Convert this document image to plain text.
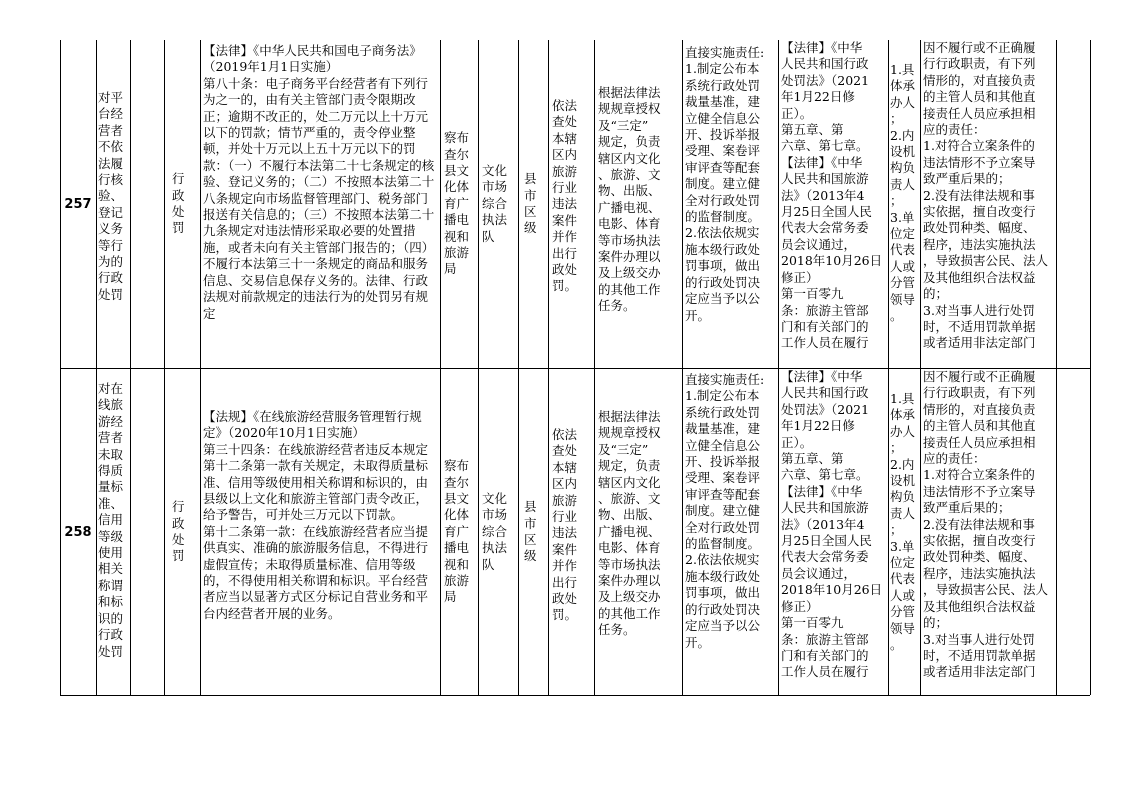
257
对平
台经
营者
不依
法履
行核
验、
登记
义务
等行
为的
行政
处罚
行
政
处
罚
【法律】《中华人民共和国电子商务法》（2019年1月1日实施）
第八十条：电子商务平台经营者有下列行为之一的，由有关主管部门责令限期改正；逾期不改正的，处二万元以上十万元以下的罚款；情节严重的，责令停业整顿，并处十万元以上五十万元以下的罚款：（一）不履行本法第二十七条规定的核验、登记义务的；（二）不按照本法第二十八条规定向市场监督管理部门、税务部门报送有关信息的；（三）不按照本法第二十九条规定对违法情形采取必要的处置措施，或者未向有关主管部门报告的；（四）不履行本法第三十一条规定的商品和服务信息、交易信息保存义务的。法律、行政法规对前款规定的违法行为的处罚另有规定
察布
查尔
县文
化体
育广
播电
视和
旅游
局
文化
市场
综合
执法
队
县
市
区
级
依法
查处
本辖
区内
旅游
行业
违法
案件
并作
出行
政处
罚。
根据法律法
规规章授权
及“三定”
规定，负责
辖区内文化
、旅游、文
物、出版、
广播电视、
电影、体育
等市场执法
案件办理以
及上级交办
的其他工作
任务。
直接实施责任:
1.制定公布本
系统行政处罚
裁量基准，建
立健全信息公
开、投诉举报
受理、案卷评
审评查等配套
制度。建立健
全对行政处罚
的监督制度。
2.依法依规实
施本级行政处
罚事项，做出
的行政处罚决
定应当予以公
开。
【法律】《中华
人民共和国行政
处罚法》（2021
年1月22日修
正）。
第五章、第
六章、第七章。
【法律】《中华
人民共和国旅游
法》（2013年4
月25日全国人民
代表大会常务委
员会议通过，
2018年10月26日
修正）
第一百零九
条：旅游主管部
门和有关部门的
工作人员在履行
1.具
体承
办人
；
2.内
设机
构负
责人
；
3.单
位定
代表
人或
分管
领导
。
因不履行或不正确履
行行政职责，有下列
情形的，对直接负责
的主管人员和其他直
接责任人员应承担相
应的责任：
1.对符合立案条件的
违法情形不予立案导
致严重后果的；
2.没有法律法规和事
实依据，擅自改变行
政处罚种类、幅度、
程序，违法实施执法
，导致损害公民、法人
及其他组织合法权益
的；
3.对当事人进行处罚
时，不适用罚款单据
或者适用非法定部门
258
对在
线旅
游经
营者
未取
得质
量标
准、
信用
等级
使用
相关
称谓
和标
识的
行政
处罚
行
政
处
罚
【法规】《在线旅游经营服务管理暂行规定》（2020年10月1日实施）
第三十四条：在线旅游经营者违反本规定第十二条第一款有关规定，未取得质量标准、信用等级使用相关称谓和标识的，由县级以上文化和旅游主管部门责令改正，给予警告，可并处三万元以下罚款。
第十二条第一款：在线旅游经营者应当提供真实、准确的旅游服务信息，不得进行虚假宣传；未取得质量标准、信用等级的，不得使用相关称谓和标识。平台经营者应当以显著方式区分标记自营业务和平台内经营者开展的业务。
察布
查尔
县文
化体
育广
播电
视和
旅游
局
文化
市场
综合
执法
队
县
市
区
级
依法
查处
本辖
区内
旅游
行业
违法
案件
并作
出行
政处
罚。
根据法律法
规规章授权
及“三定”
规定，负责
辖区内文化
、旅游、文
物、出版、
广播电视、
电影、体育
等市场执法
案件办理以
及上级交办
的其他工作
任务。
直接实施责任:
1.制定公布本
系统行政处罚
裁量基准，建
立健全信息公
开、投诉举报
受理、案卷评
审评查等配套
制度。建立健
全对行政处罚
的监督制度。
2.依法依规实
施本级行政处
罚事项，做出
的行政处罚决
定应当予以公
开。
【法律】《中华
人民共和国行政
处罚法》（2021
年1月22日修
正）。
第五章、第
六章、第七章。
【法律】《中华
人民共和国旅游
法》（2013年4
月25日全国人民
代表大会常务委
员会议通过，
2018年10月26日
修正）
第一百零九
条：旅游主管部
门和有关部门的
工作人员在履行
1.具
体承
办人
；
2.内
设机
构负
责人
；
3.单
位定
代表
人或
分管
领导
。
因不履行或不正确履
行行政职责，有下列
情形的，对直接负责
的主管人员和其他直
接责任人员应承担相
应的责任：
1.对符合立案条件的
违法情形不予立案导
致严重后果的；
2.没有法律法规和事
实依据，擅自改变行
政处罚种类、幅度、
程序，违法实施执法
，导致损害公民、法人
及其他组织合法权益
的；
3.对当事人进行处罚
时，不适用罚款单据
或者适用非法定部门
